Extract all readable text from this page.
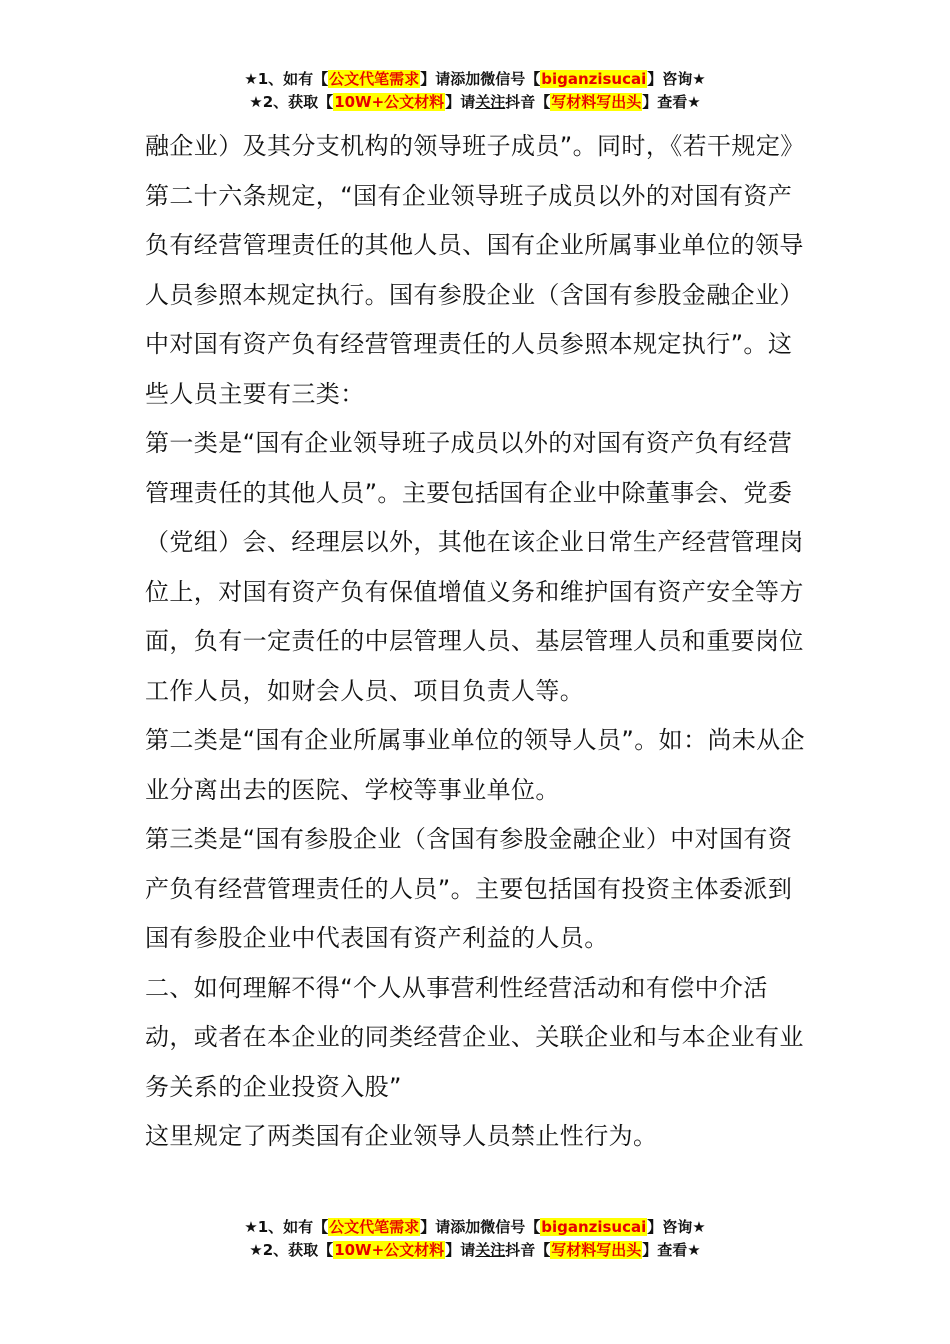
★1、如有【公文代笔需求】请添加微信号【biganzisucai】咨询★
★2、获取【10W+公文材料】请关注抖音【写材料写出头】查看★

融企业）及其分支机构的领导班子成员”。同时，《若干规定》第二十六条规定，“国有企业领导班子成员以外的对国有资产负有经营管理责任的其他人员、国有企业所属事业单位的领导人员参照本规定执行。国有参股企业（含国有参股金融企业）中对国有资产负有经营管理责任的人员参照本规定执行”。这些人员主要有三类：

第一类是“国有企业领导班子成员以外的对国有资产负有经营管理责任的其他人员”。主要包括国有企业中除董事会、党委（党组）会、经理层以外，其他在该企业日常生产经营管理岗位上，对国有资产负有保值增值义务和维护国有资产安全等方面，负有一定责任的中层管理人员、基层管理人员和重要岗位工作人员，如财会人员、项目负责人等。

第二类是“国有企业所属事业单位的领导人员”。如：尚未从企业分离出去的医院、学校等事业单位。

第三类是“国有参股企业（含国有参股金融企业）中对国有资产负有经营管理责任的人员”。主要包括国有投资主体委派到国有参股企业中代表国有资产利益的人员。

二、如何理解不得“个人从事营利性经营活动和有偿中介活动，或者在本企业的同类经营企业、关联企业和与本企业有业务关系的企业投资入股”

这里规定了两类国有企业领导人员禁止性行为。

★1、如有【公文代笔需求】请添加微信号【biganzisucai】咨询★
★2、获取【10W+公文材料】请关注抖音【写材料写出头】查看★
